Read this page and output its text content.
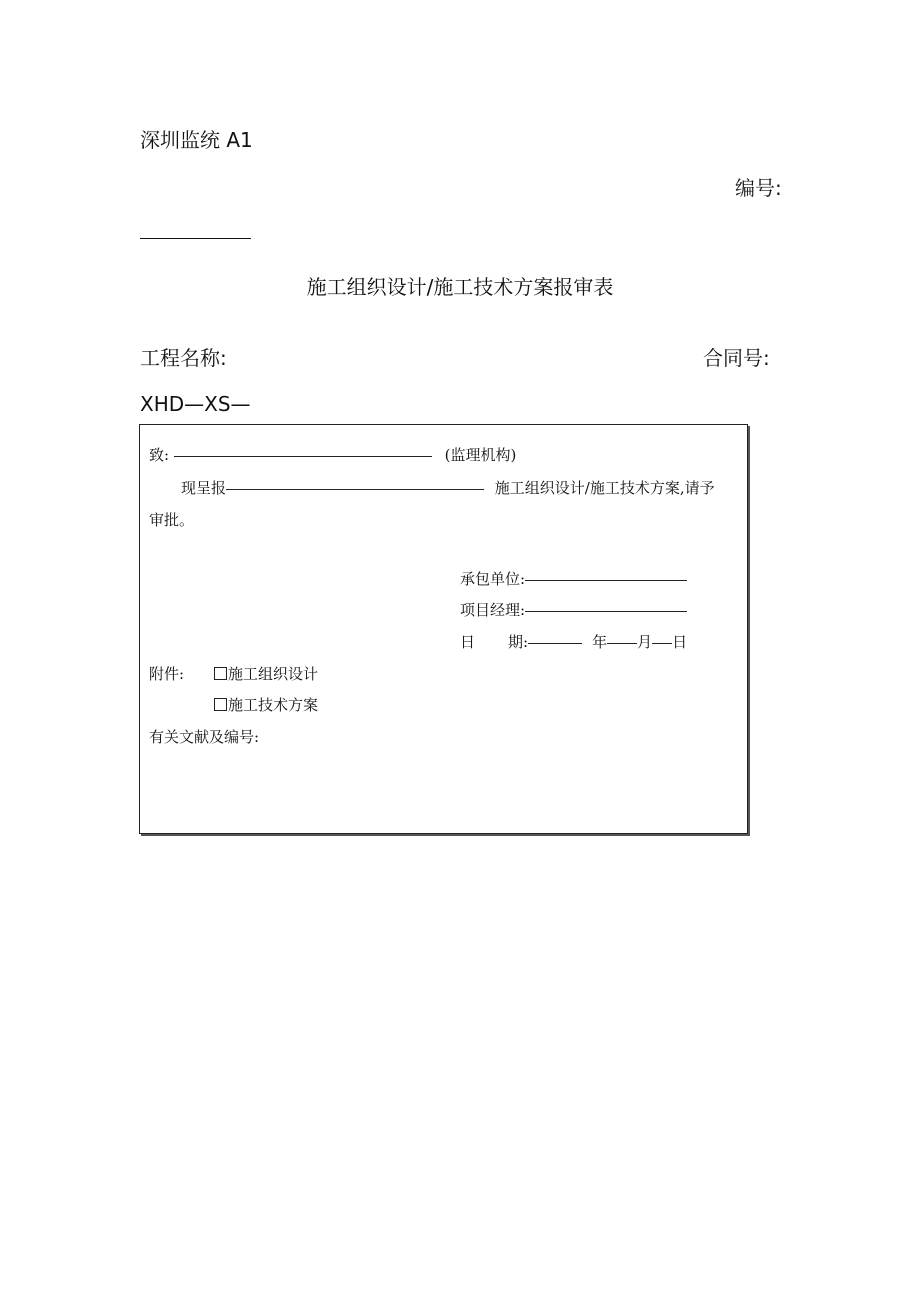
深圳监统 A1
编号:
施工组织设计/施工技术方案报审表
工程名称:	合同号:
XHD—XS—
致:	(监理机构)
现呈报	施工组织设计/施工技术方案,请予
审批。
承包单位:
项目经理:
日 期:	年 月 日
附件:	施工组织设计
施工技术方案
有关文献及编号:
